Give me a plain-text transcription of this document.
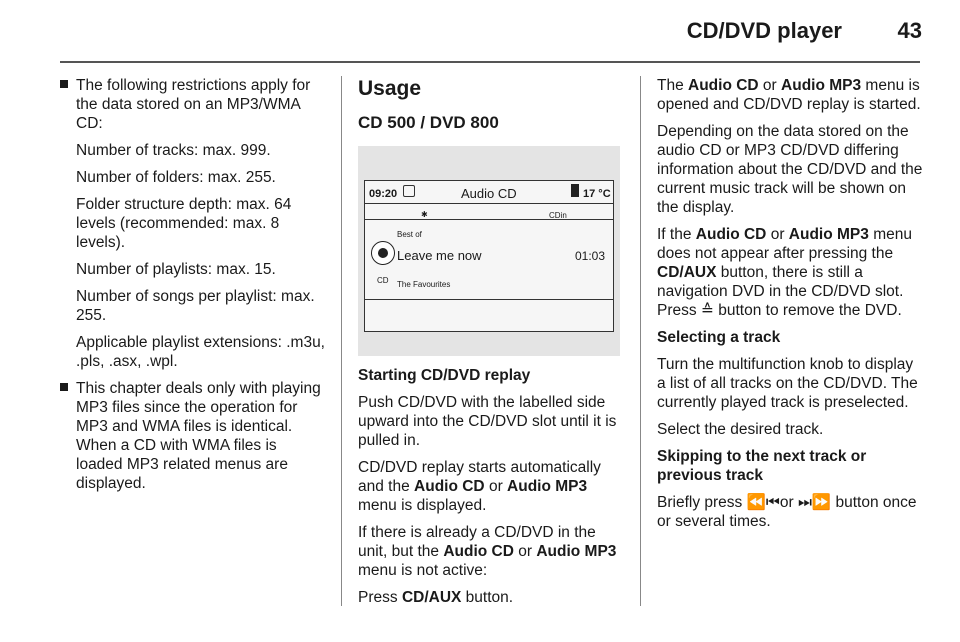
CD/DVD player	43
The following restrictions apply for the data stored on an MP3/WMA CD:

Number of tracks: max. 999.

Number of folders: max. 255.

Folder structure depth: max. 64 levels (recommended: max. 8 levels).

Number of playlists: max. 15.

Number of songs per playlist: max. 255.

Applicable playlist extensions: .m3u, .pls, .asx, .wpl.

This chapter deals only with playing MP3 files since the operation for MP3 and WMA files is identical. When a CD with WMA files is loaded MP3 related menus are displayed.
Usage
CD 500 / DVD 800
09:20	Audio CD	17 °C
✱	CDin
Best of
CD
Leave me now	01:03
The Favourites

Starting CD/DVD replay

Push CD/DVD with the labelled side upward into the CD/DVD slot until it is pulled in.

CD/DVD replay starts automatically and the Audio CD or Audio MP3 menu is displayed.

If there is already a CD/DVD in the unit, but the Audio CD or Audio MP3 menu is not active:

Press CD/AUX button.

The Audio CD or Audio MP3 menu is opened and CD/DVD replay is started.

Depending on the data stored on the audio CD or MP3 CD/DVD differing information about the CD/DVD and the current music track will be shown on the display.

If the Audio CD or Audio MP3 menu does not appear after pressing the CD/AUX button, there is still a navigation DVD in the CD/DVD slot. Press ≙ button to remove the DVD.

Selecting a track

Turn the multifunction knob to display a list of all tracks on the CD/DVD. The currently played track is preselected.

Select the desired track.

Skipping to the next track or previous track

Briefly press ⏪⏮or ⏭⏩ button once or several times.
